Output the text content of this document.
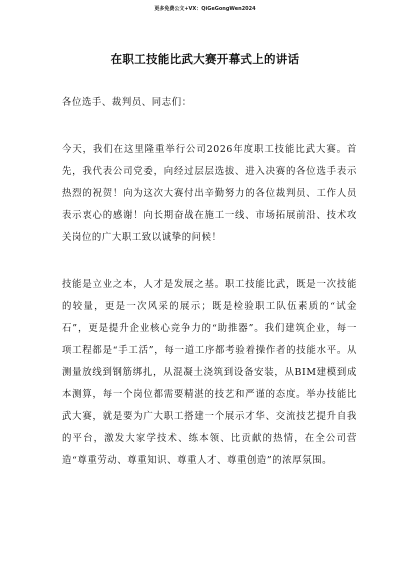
更多免费公文+VX：QiGeGongWen2024
在职工技能比武大赛开幕式上的讲话

各位选手、裁判员、同志们：

今天，我们在这里隆重举行公司2026年度职工技能比武大赛。首先，我代表公司党委，向经过层层选拔、进入决赛的各位选手表示热烈的祝贺！向为这次大赛付出辛勤努力的各位裁判员、工作人员表示衷心的感谢！向长期奋战在施工一线、市场拓展前沿、技术攻关岗位的广大职工致以诚挚的问候！

技能是立业之本，人才是发展之基。职工技能比武，既是一次技能的较量，更是一次风采的展示；既是检验职工队伍素质的“试金石”，更是提升企业核心竞争力的“助推器”。我们建筑企业，每一项工程都是“手工活”，每一道工序都考验着操作者的技能水平。从测量放线到钢筋绑扎，从混凝土浇筑到设备安装，从BIM建模到成本测算，每一个岗位都需要精湛的技艺和严谨的态度。举办技能比武大赛，就是要为广大职工搭建一个展示才华、交流技艺提升自我的平台，激发大家学技术、练本领、比贡献的热情，在全公司营造“尊重劳动、尊重知识、尊重人才、尊重创造”的浓厚氛围。
